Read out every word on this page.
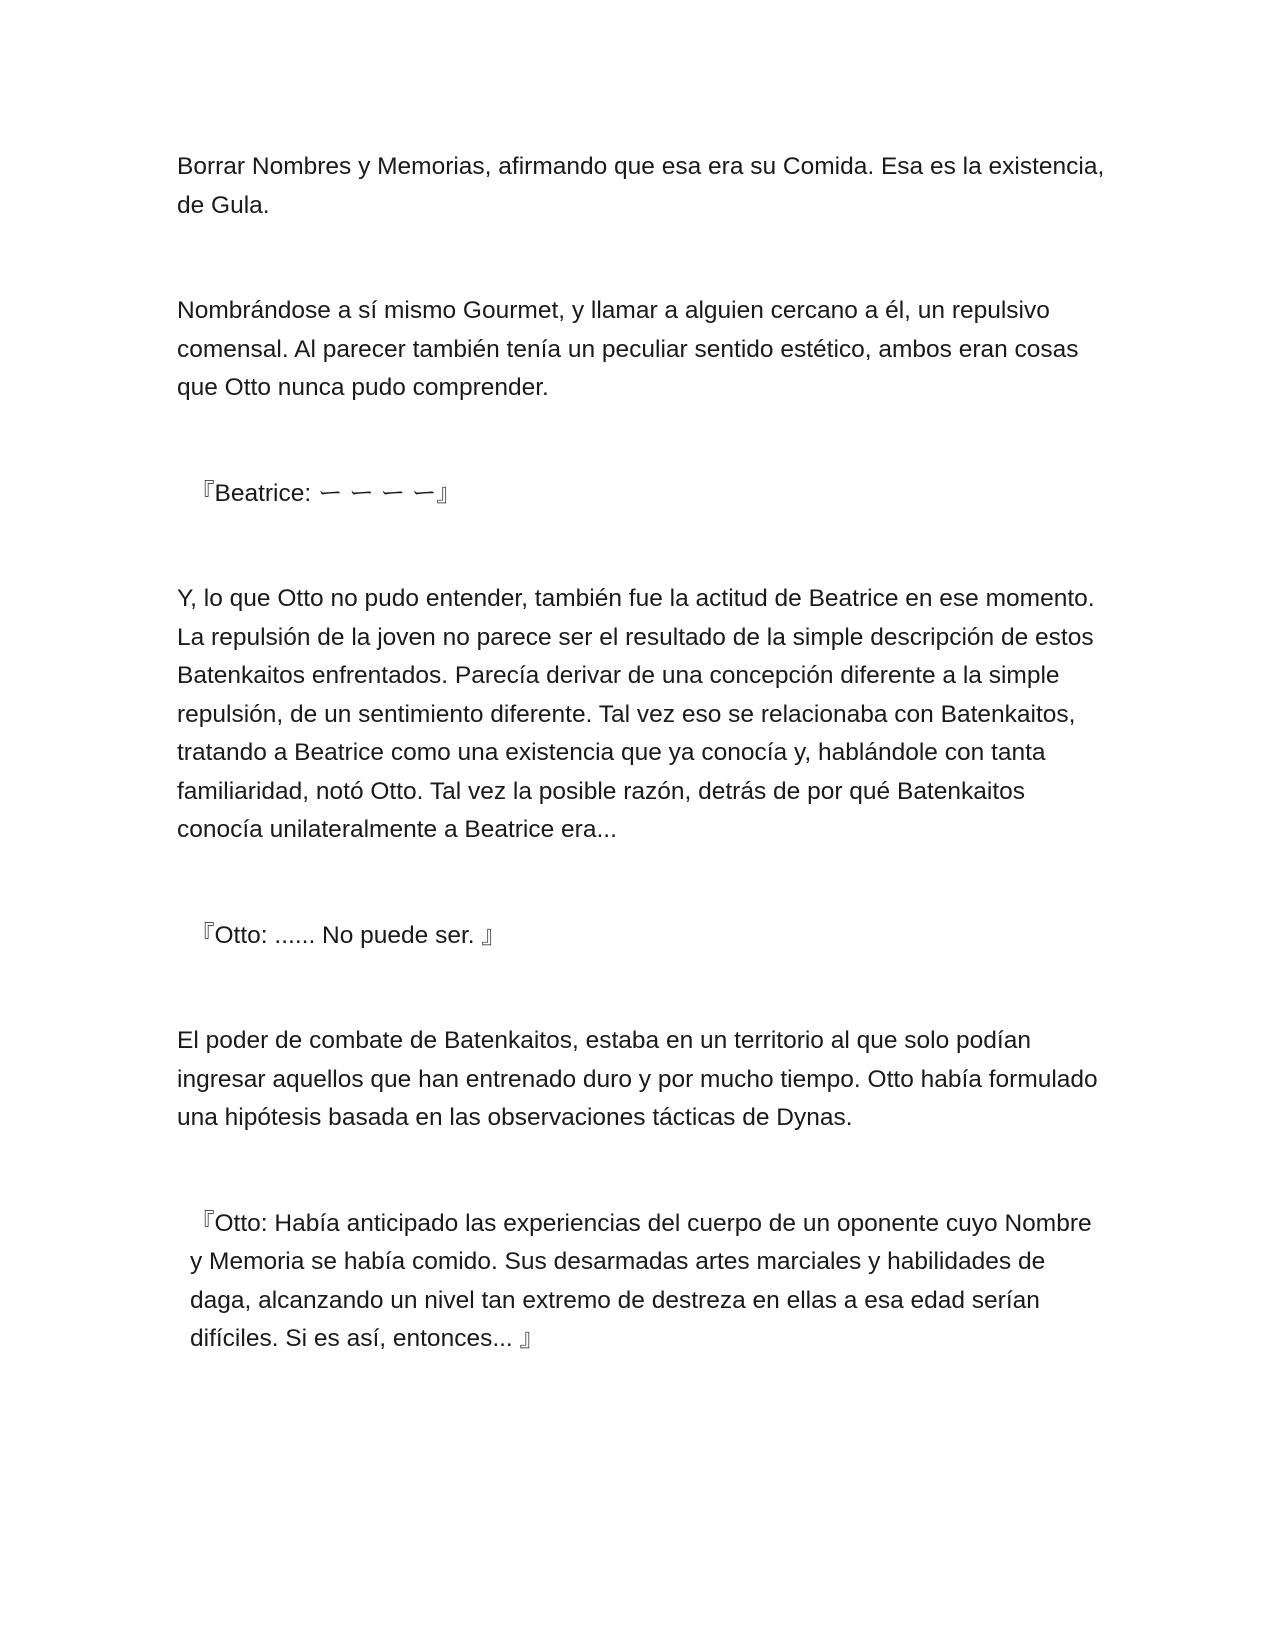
Borrar Nombres y Memorias, afirmando que esa era su Comida. Esa es la existencia, de Gula.

Nombrándose a sí mismo Gourmet, y llamar a alguien cercano a él, un repulsivo comensal. Al parecer también tenía un peculiar sentido estético, ambos eran cosas que Otto nunca pudo comprender.

『Beatrice: ー ー ー ー』

Y, lo que Otto no pudo entender, también fue la actitud de Beatrice en ese momento. La repulsión de la joven no parece ser el resultado de la simple descripción de estos Batenkaitos enfrentados. Parecía derivar de una concepción diferente a la simple repulsión, de un sentimiento diferente. Tal vez eso se relacionaba con Batenkaitos, tratando a Beatrice como una existencia que ya conocía y, hablándole con tanta familiaridad, notó Otto. Tal vez la posible razón, detrás de por qué Batenkaitos conocía unilateralmente a Beatrice era...

『Otto: ...... No puede ser. 』

El poder de combate de Batenkaitos, estaba en un territorio al que solo podían ingresar aquellos que han entrenado duro y por mucho tiempo. Otto había formulado una hipótesis basada en las observaciones tácticas de Dynas.

『Otto: Había anticipado las experiencias del cuerpo de un oponente cuyo Nombre y Memoria se había comido. Sus desarmadas artes marciales y habilidades de daga, alcanzando un nivel tan extremo de destreza en ellas a esa edad serían difíciles. Si es así, entonces... 』
